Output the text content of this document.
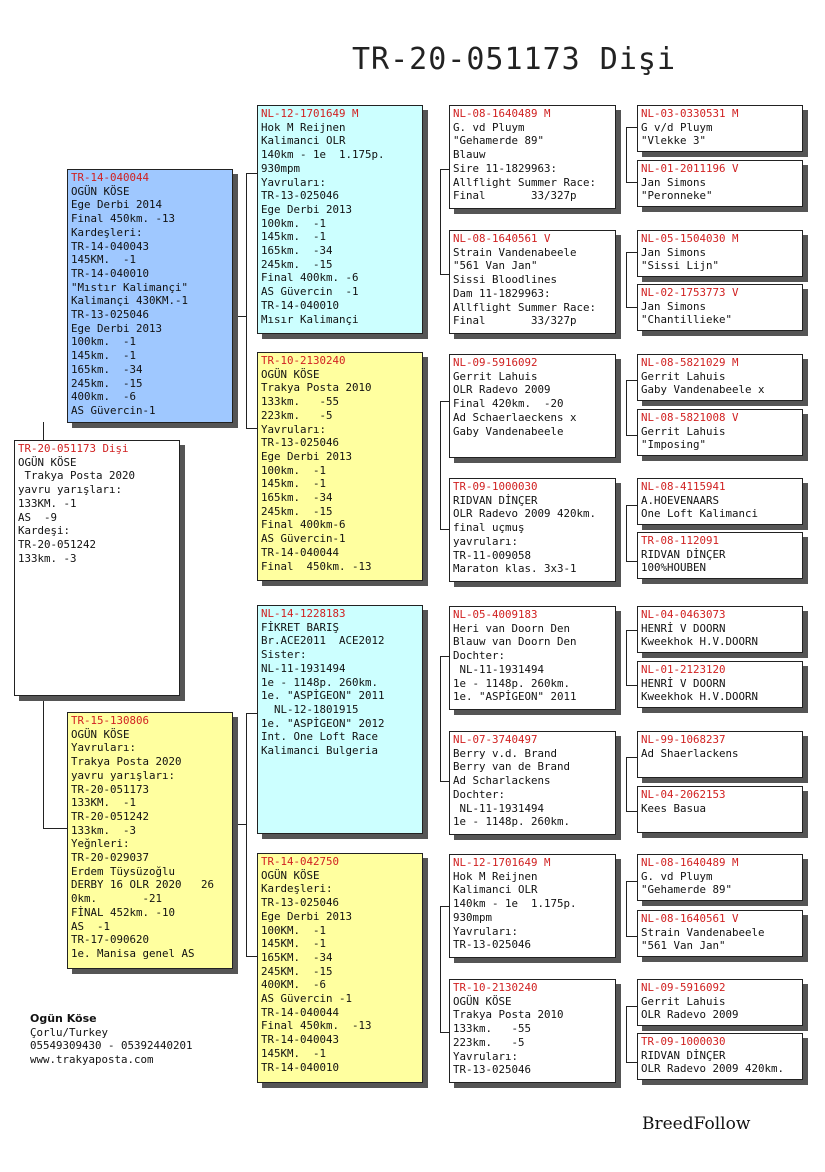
TR-20-051173 Dişi
TR-20-051173 Dişi
OGÜN KÖSE
Trakya Posta 2020
yavru yarışları:
133KM. -1
AS  -9
Kardeşi:
TR-20-051242
133km. -3
TR-14-040044
OGÜN KÖSE
Ege Derbi 2014
Final 450km. -13
Kardeşleri:
TR-14-040043
145KM.  -1
TR-14-040010
"Mıstır Kalimançi"
Kalimançi 430KM.-1
TR-13-025046
Ege Derbi 2013
100km.  -1
145km.  -1
165km.  -34
245km.  -15
400km.  -6
AS Güvercin-1
TR-15-130806
OGÜN KÖSE
Yavruları:
Trakya Posta 2020
yavru yarışları:
TR-20-051173
133KM.  -1
TR-20-051242
133km.  -3
Yeğnleri:
TR-20-029037
Erdem Tüysüzoğlu
DERBY 16 OLR 2020   26
0km.       -21
FİNAL 452km. -10
AS  -1
TR-17-090620
1e. Manisa genel AS
NL-12-1701649 M
Hok M Reijnen
Kalimanci OLR
140km - 1e  1.175p.
930mpm
Yavruları:
TR-13-025046
Ege Derbi 2013
100km.  -1
145km.  -1
165km.  -34
245km.  -15
Final 400km. -6
AS Güvercin  -1
TR-14-040010
Mısır Kalimançi
TR-10-2130240
OGÜN KÖSE
Trakya Posta 2010
133km.   -55
223km.   -5
Yavruları:
TR-13-025046
Ege Derbi 2013
100km.  -1
145km.  -1
165km.  -34
245km.  -15
Final 400km-6
AS Güvercin-1
TR-14-040044
Final  450km. -13
NL-14-1228183
FİKRET BARIŞ
Br.ACE2011  ACE2012
Sister:
NL-11-1931494
1e - 1148p. 260km.
1e. "ASPİGEON" 2011
NL-12-1801915
1e. "ASPİGEON" 2012
Int. One Loft Race
Kalimanci Bulgeria
TR-14-042750
OGÜN KÖSE
Kardeşleri:
TR-13-025046
Ege Derbi 2013
100KM.  -1
145KM.  -1
165KM.  -34
245KM.  -15
400KM.  -6
AS Güvercin -1
TR-14-040044
Final 450km.  -13
TR-14-040043
145KM.  -1
TR-14-040010
NL-08-1640489 M
G. vd Pluym
"Gehamerde 89"
Blauw
Sire 11-1829963:
Allflight Summer Race:
Final       33/327p
NL-08-1640561 V
Strain Vandenabeele
"561 Van Jan"
Sissi Bloodlines
Dam 11-1829963:
Allflight Summer Race:
Final       33/327p
NL-09-5916092
Gerrit Lahuis
OLR Radevo 2009
Final 420km.  -20
Ad Schaerlaeckens x
Gaby Vandenabeele
TR-09-1000030
RIDVAN DİNÇER
OLR Radevo 2009 420km.
final uçmuş
yavruları:
TR-11-009058
Maraton klas. 3x3-1
NL-05-4009183
Heri van Doorn Den
Blauw van Doorn Den
Dochter:
NL-11-1931494
1e - 1148p. 260km.
1e. "ASPİGEON" 2011
NL-07-3740497
Berry v.d. Brand
Berry van de Brand
Ad Scharlackens
Dochter:
NL-11-1931494
1e - 1148p. 260km.
NL-12-1701649 M
Hok M Reijnen
Kalimanci OLR
140km - 1e  1.175p.
930mpm
Yavruları:
TR-13-025046
TR-10-2130240
OGÜN KÖSE
Trakya Posta 2010
133km.   -55
223km.   -5
Yavruları:
TR-13-025046
NL-03-0330531 M
G v/d Pluym
"Vlekke 3"
NL-01-2011196 V
Jan Simons
"Peronneke"
NL-05-1504030 M
Jan Simons
"Sissi Lijn"
NL-02-1753773 V
Jan Simons
"Chantillieke"
NL-08-5821029 M
Gerrit Lahuis
Gaby Vandenabeele x
NL-08-5821008 V
Gerrit Lahuis
"Imposing"
NL-08-4115941
A.HOEVENAARS
One Loft Kalimanci
TR-08-112091
RIDVAN DİNÇER
100%HOUBEN
NL-04-0463073
HENRİ V DOORN
Kweekhok H.V.DOORN
NL-01-2123120
HENRİ V DOORN
Kweekhok H.V.DOORN
NL-99-1068237
Ad Shaerlackens
NL-04-2062153
Kees Basua
NL-08-1640489 M
G. vd Pluym
"Gehamerde 89"
NL-08-1640561 V
Strain Vandenabeele
"561 Van Jan"
NL-09-5916092
Gerrit Lahuis
OLR Radevo 2009
TR-09-1000030
RIDVAN DİNÇER
OLR Radevo 2009 420km.
Ogün Köse
Çorlu/Turkey
05549309430 - 05392440201
www.trakyaposta.com
BreedFollow
